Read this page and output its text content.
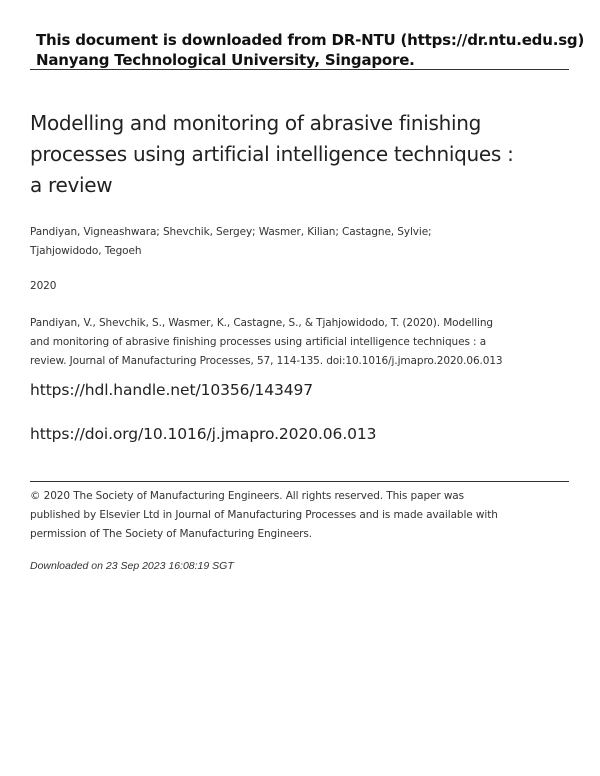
This document is downloaded from DR-NTU (https://dr.ntu.edu.sg)
Nanyang Technological University, Singapore.
Modelling and monitoring of abrasive finishing
processes using artificial intelligence techniques :
a review
Pandiyan, Vigneashwara; Shevchik, Sergey; Wasmer, Kilian; Castagne, Sylvie;
Tjahjowidodo, Tegoeh
2020
Pandiyan, V., Shevchik, S., Wasmer, K., Castagne, S., & Tjahjowidodo, T. (2020). Modelling
and monitoring of abrasive finishing processes using artificial intelligence techniques : a
review. Journal of Manufacturing Processes, 57, 114-135. doi:10.1016/j.jmapro.2020.06.013
https://hdl.handle.net/10356/143497
https://doi.org/10.1016/j.jmapro.2020.06.013
© 2020 The Society of Manufacturing Engineers. All rights reserved. This paper was
published by Elsevier Ltd in Journal of Manufacturing Processes and is made available with
permission of The Society of Manufacturing Engineers.
Downloaded on 23 Sep 2023 16:08:19 SGT
